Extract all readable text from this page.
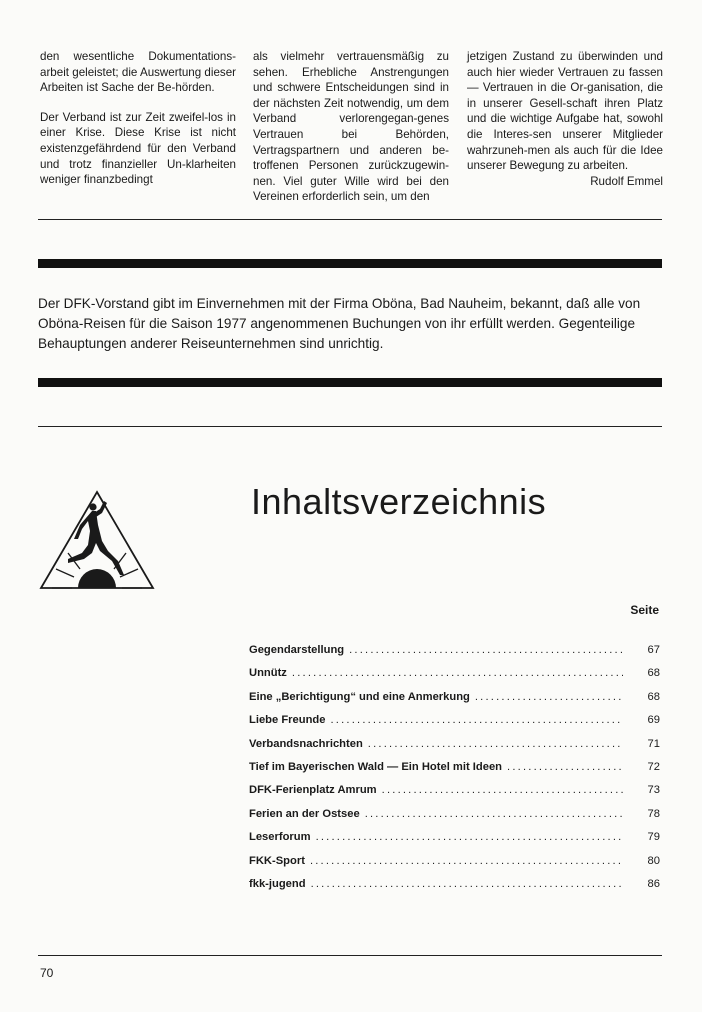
den wesentliche Dokumentations-arbeit geleistet; die Auswertung dieser Arbeiten ist Sache der Be-hörden.

Der Verband ist zur Zeit zweifel-los in einer Krise. Diese Krise ist nicht existenzgefährdend für den Verband und trotz finanzieller Un-klarheiten weniger finanzbedingt

als vielmehr vertrauensmäßig zu sehen. Erhebliche Anstrengungen und schwere Entscheidungen sind in der nächsten Zeit notwendig, um dem Verband verlorengegan-genes Vertrauen bei Behörden, Vertragspartnern und anderen be-troffenen Personen zurückzugewin-nen. Viel guter Wille wird bei den Vereinen erforderlich sein, um den

jetzigen Zustand zu überwinden und auch hier wieder Vertrauen zu fassen — Vertrauen in die Or-ganisation, die in unserer Gesell-schaft ihren Platz und die wichtige Aufgabe hat, sowohl die Interes-sen unserer Mitglieder wahrzuneh-men als auch für die Idee unserer Bewegung zu arbeiten.

Rudolf Emmel
Der DFK-Vorstand gibt im Einvernehmen mit der Firma Oböna, Bad Nauheim, bekannt, daß alle von Oböna-Reisen für die Saison 1977 angenommenen Buchungen von ihr erfüllt werden. Gegenteilige Behauptungen anderer Reiseunternehmen sind unrichtig.
Inhaltsverzeichnis
Seite
Gegendarstellung .....	67
Unnütz .....	68
Eine „Berichtigung“ und eine Anmerkung .....	68
Liebe Freunde .....	69
Verbandsnachrichten .....	71
Tief im Bayerischen Wald — Ein Hotel mit Ideen .....	72
DFK-Ferienplatz Amrum .....	73
Ferien an der Ostsee .....	78
Leserforum .....	79
FKK-Sport .....	80
fkk-jugend .....	86
70
